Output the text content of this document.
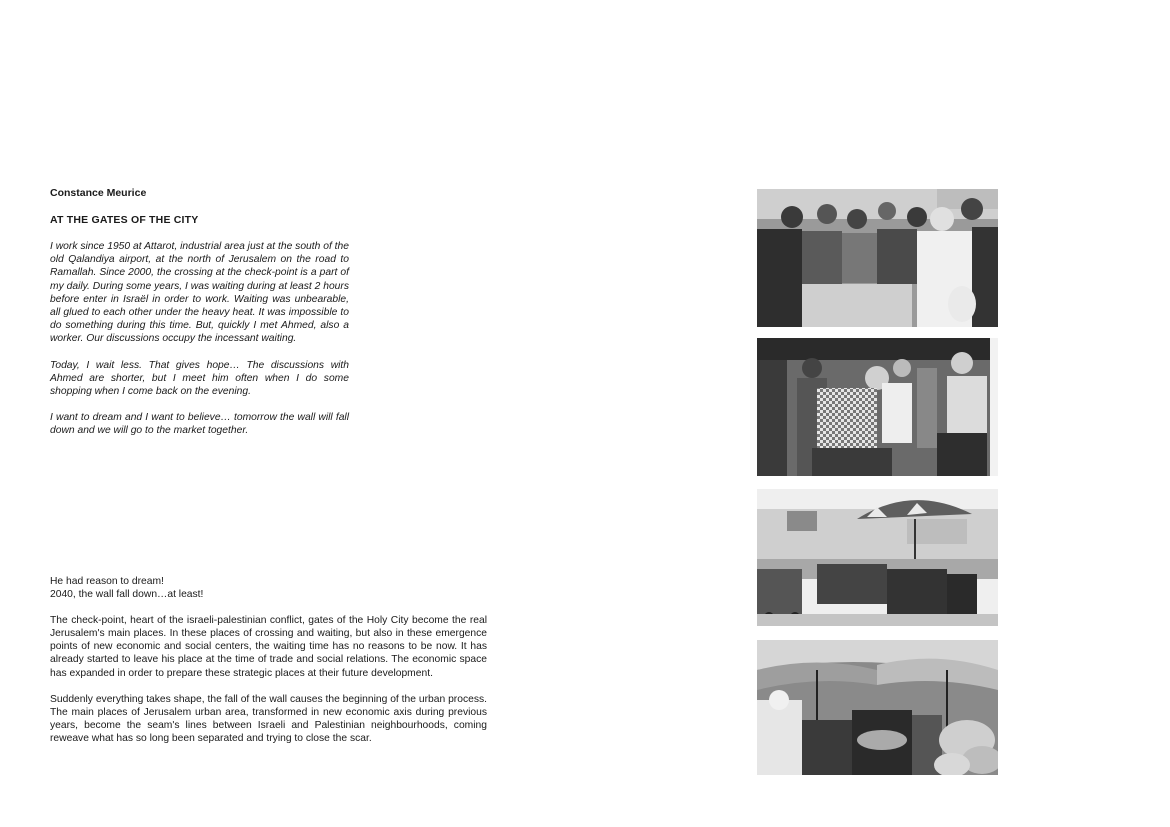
Constance Meurice
AT THE GATES OF THE CITY

I work since 1950 at Attarot, industrial area just at the south of the old Qalandiya airport, at the north of Jerusalem on the road to Ramallah. Since 2000, the crossing at the check-point is a part of my daily. During some years, I was waiting during at least 2 hours before enter in Israël in order to work. Waiting was unbearable, all glued to each other under the heavy heat. It was impossible to do something during this time. But, quickly I met Ahmed, also a worker. Our discussions occupy the incessant waiting.

Today, I wait less. That gives hope… The discussions with Ahmed are shorter, but I meet him often when I do some shopping when I come back on the evening.

I want to dream and I want to believe… tomorrow the wall will fall down and we will go to the market together.

He had reason to dream!
2040, the wall fall down…at least!

The check-point, heart of the israeli-palestinian conflict, gates of the Holy City become the real Jerusalem's main places. In these places of crossing and waiting, but also in these emergence points of new economic and social centers, the waiting time has no reasons to be now. It has already started to leave his place at the time of trade and social relations. The economic space has expanded in order to prepare these strategic places at their future development.

Suddenly everything takes shape, the fall of the wall causes the beginning of the urban process. The main places of Jerusalem urban area, transformed in new economic axis during previous years, become the seam's lines between Israeli and Palestinian neighbourhoods, coming reweave what has so long been separated and trying to close the scar.
